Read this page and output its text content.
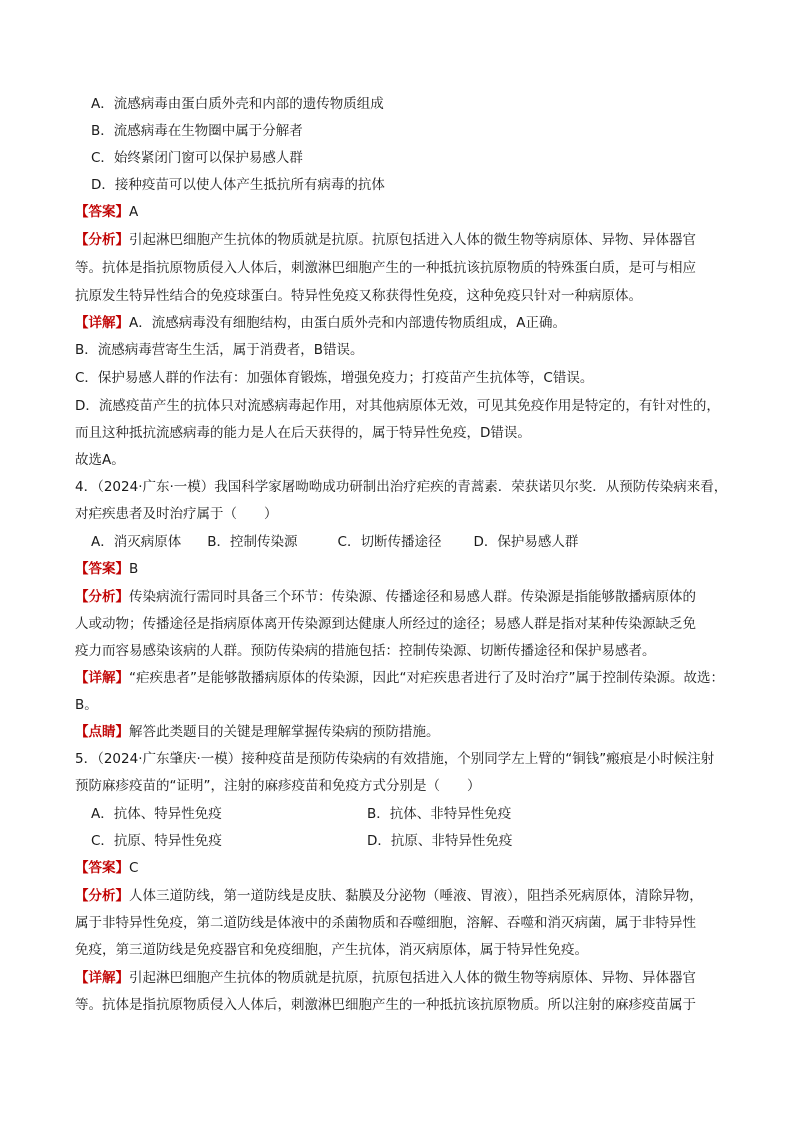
A．流感病毒由蛋白质外壳和内部的遗传物质组成
B．流感病毒在生物圈中属于分解者
C．始终紧闭门窗可以保护易感人群
D．接种疫苗可以使人体产生抵抗所有病毒的抗体
【答案】A
【分析】引起淋巴细胞产生抗体的物质就是抗原。抗原包括进入人体的微生物等病原体、异物、异体器官
等。抗体是指抗原物质侵入人体后，刺激淋巴细胞产生的一种抵抗该抗原物质的特殊蛋白质，是可与相应
抗原发生特异性结合的免疫球蛋白。特异性免疫又称获得性免疫，这种免疫只针对一种病原体。
【详解】A．流感病毒没有细胞结构，由蛋白质外壳和内部遗传物质组成，A正确。
B．流感病毒营寄生生活，属于消费者，B错误。
C．保护易感人群的作法有：加强体育锻炼，增强免疫力；打疫苗产生抗体等，C错误。
D．流感疫苗产生的抗体只对流感病毒起作用，对其他病原体无效，可见其免疫作用是特定的，有针对性的，
而且这种抵抗流感病毒的能力是人在后天获得的，属于特异性免疫，D错误。
故选A。
4．（2024·广东·一模）我国科学家屠呦呦成功研制出治疗疟疾的青蒿素．荣获诺贝尔奖．从预防传染病来看，
对疟疾患者及时治疗属于（　　）
A．消灭病原体 B．控制传染源	C．切断传播途径 D．保护易感人群
【答案】B
【分析】传染病流行需同时具备三个环节：传染源、传播途径和易感人群。传染源是指能够散播病原体的
人或动物；传播途径是指病原体离开传染源到达健康人所经过的途径；易感人群是指对某种传染源缺乏免
疫力而容易感染该病的人群。预防传染病的措施包括：控制传染源、切断传播途径和保护易感者。
【详解】“疟疾患者”是能够散播病原体的传染源，因此“对疟疾患者进行了及时治疗”属于控制传染源。故选：
B。
【点睛】解答此类题目的关键是理解掌握传染病的预防措施。
5．（2024·广东肇庆·一模）接种疫苗是预防传染病的有效措施，个别同学左上臂的“铜钱”瘢痕是小时候注射
预防麻疹疫苗的“证明”，注射的麻疹疫苗和免疫方式分别是（　　）
A．抗体、特异性免疫	B．抗体、非特异性免疫
C．抗原、特异性免疫	D．抗原、非特异性免疫
【答案】C
【分析】人体三道防线，第一道防线是皮肤、黏膜及分泌物（唾液、胃液），阻挡杀死病原体，清除异物，
属于非特异性免疫，第二道防线是体液中的杀菌物质和吞噬细胞，溶解、吞噬和消灭病菌，属于非特异性
免疫，第三道防线是免疫器官和免疫细胞，产生抗体，消灭病原体，属于特异性免疫。
【详解】引起淋巴细胞产生抗体的物质就是抗原，抗原包括进入人体的微生物等病原体、异物、异体器官
等。抗体是指抗原物质侵入人体后，刺激淋巴细胞产生的一种抵抗该抗原物质。所以注射的麻疹疫苗属于
